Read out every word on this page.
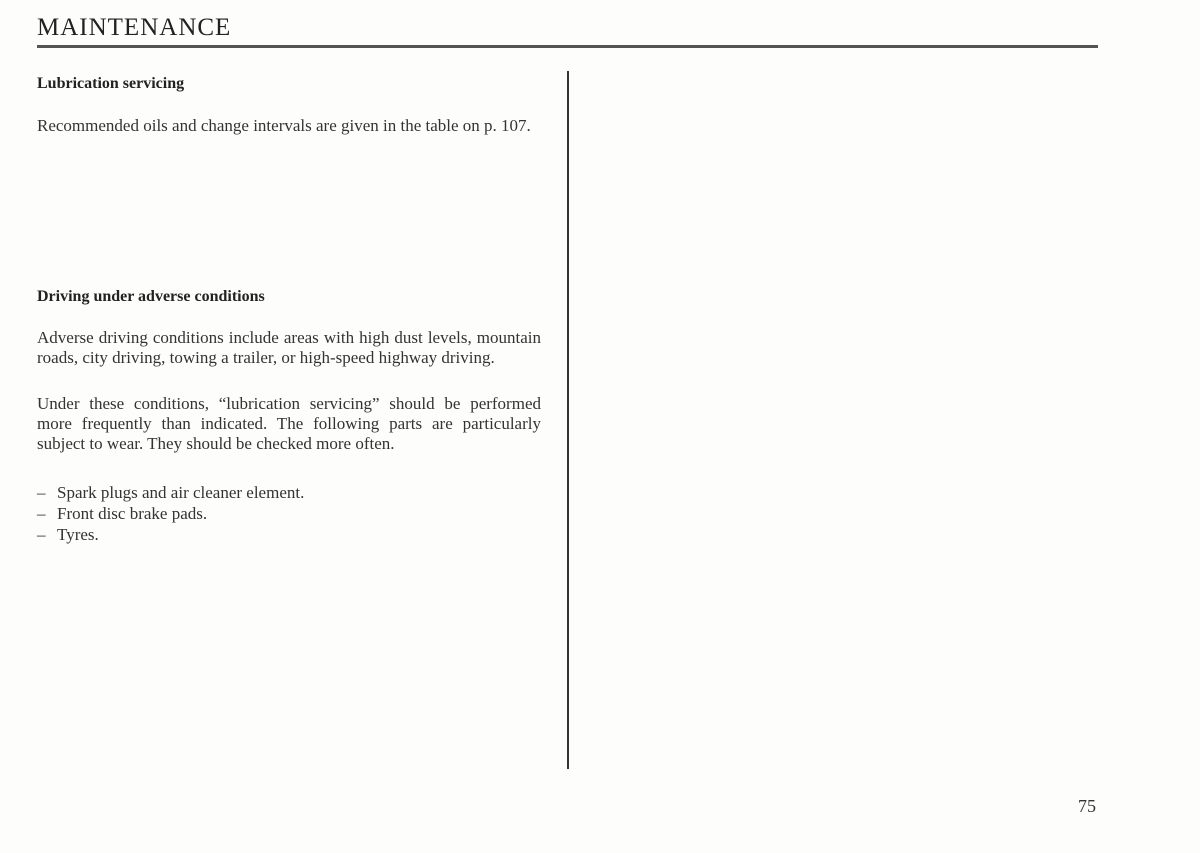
MAINTENANCE
Lubrication servicing

Recommended oils and change intervals are given in the table on p. 107.

Driving under adverse conditions

Adverse driving conditions include areas with high dust levels, mountain roads, city driving, towing a trailer, or high-speed highway driving.

Under these conditions, “lubrication servicing” should be performed more frequently than indicated. The following parts are particularly subject to wear. They should be checked more often.

– Spark plugs and air cleaner element.
– Front disc brake pads.
– Tyres.
75
